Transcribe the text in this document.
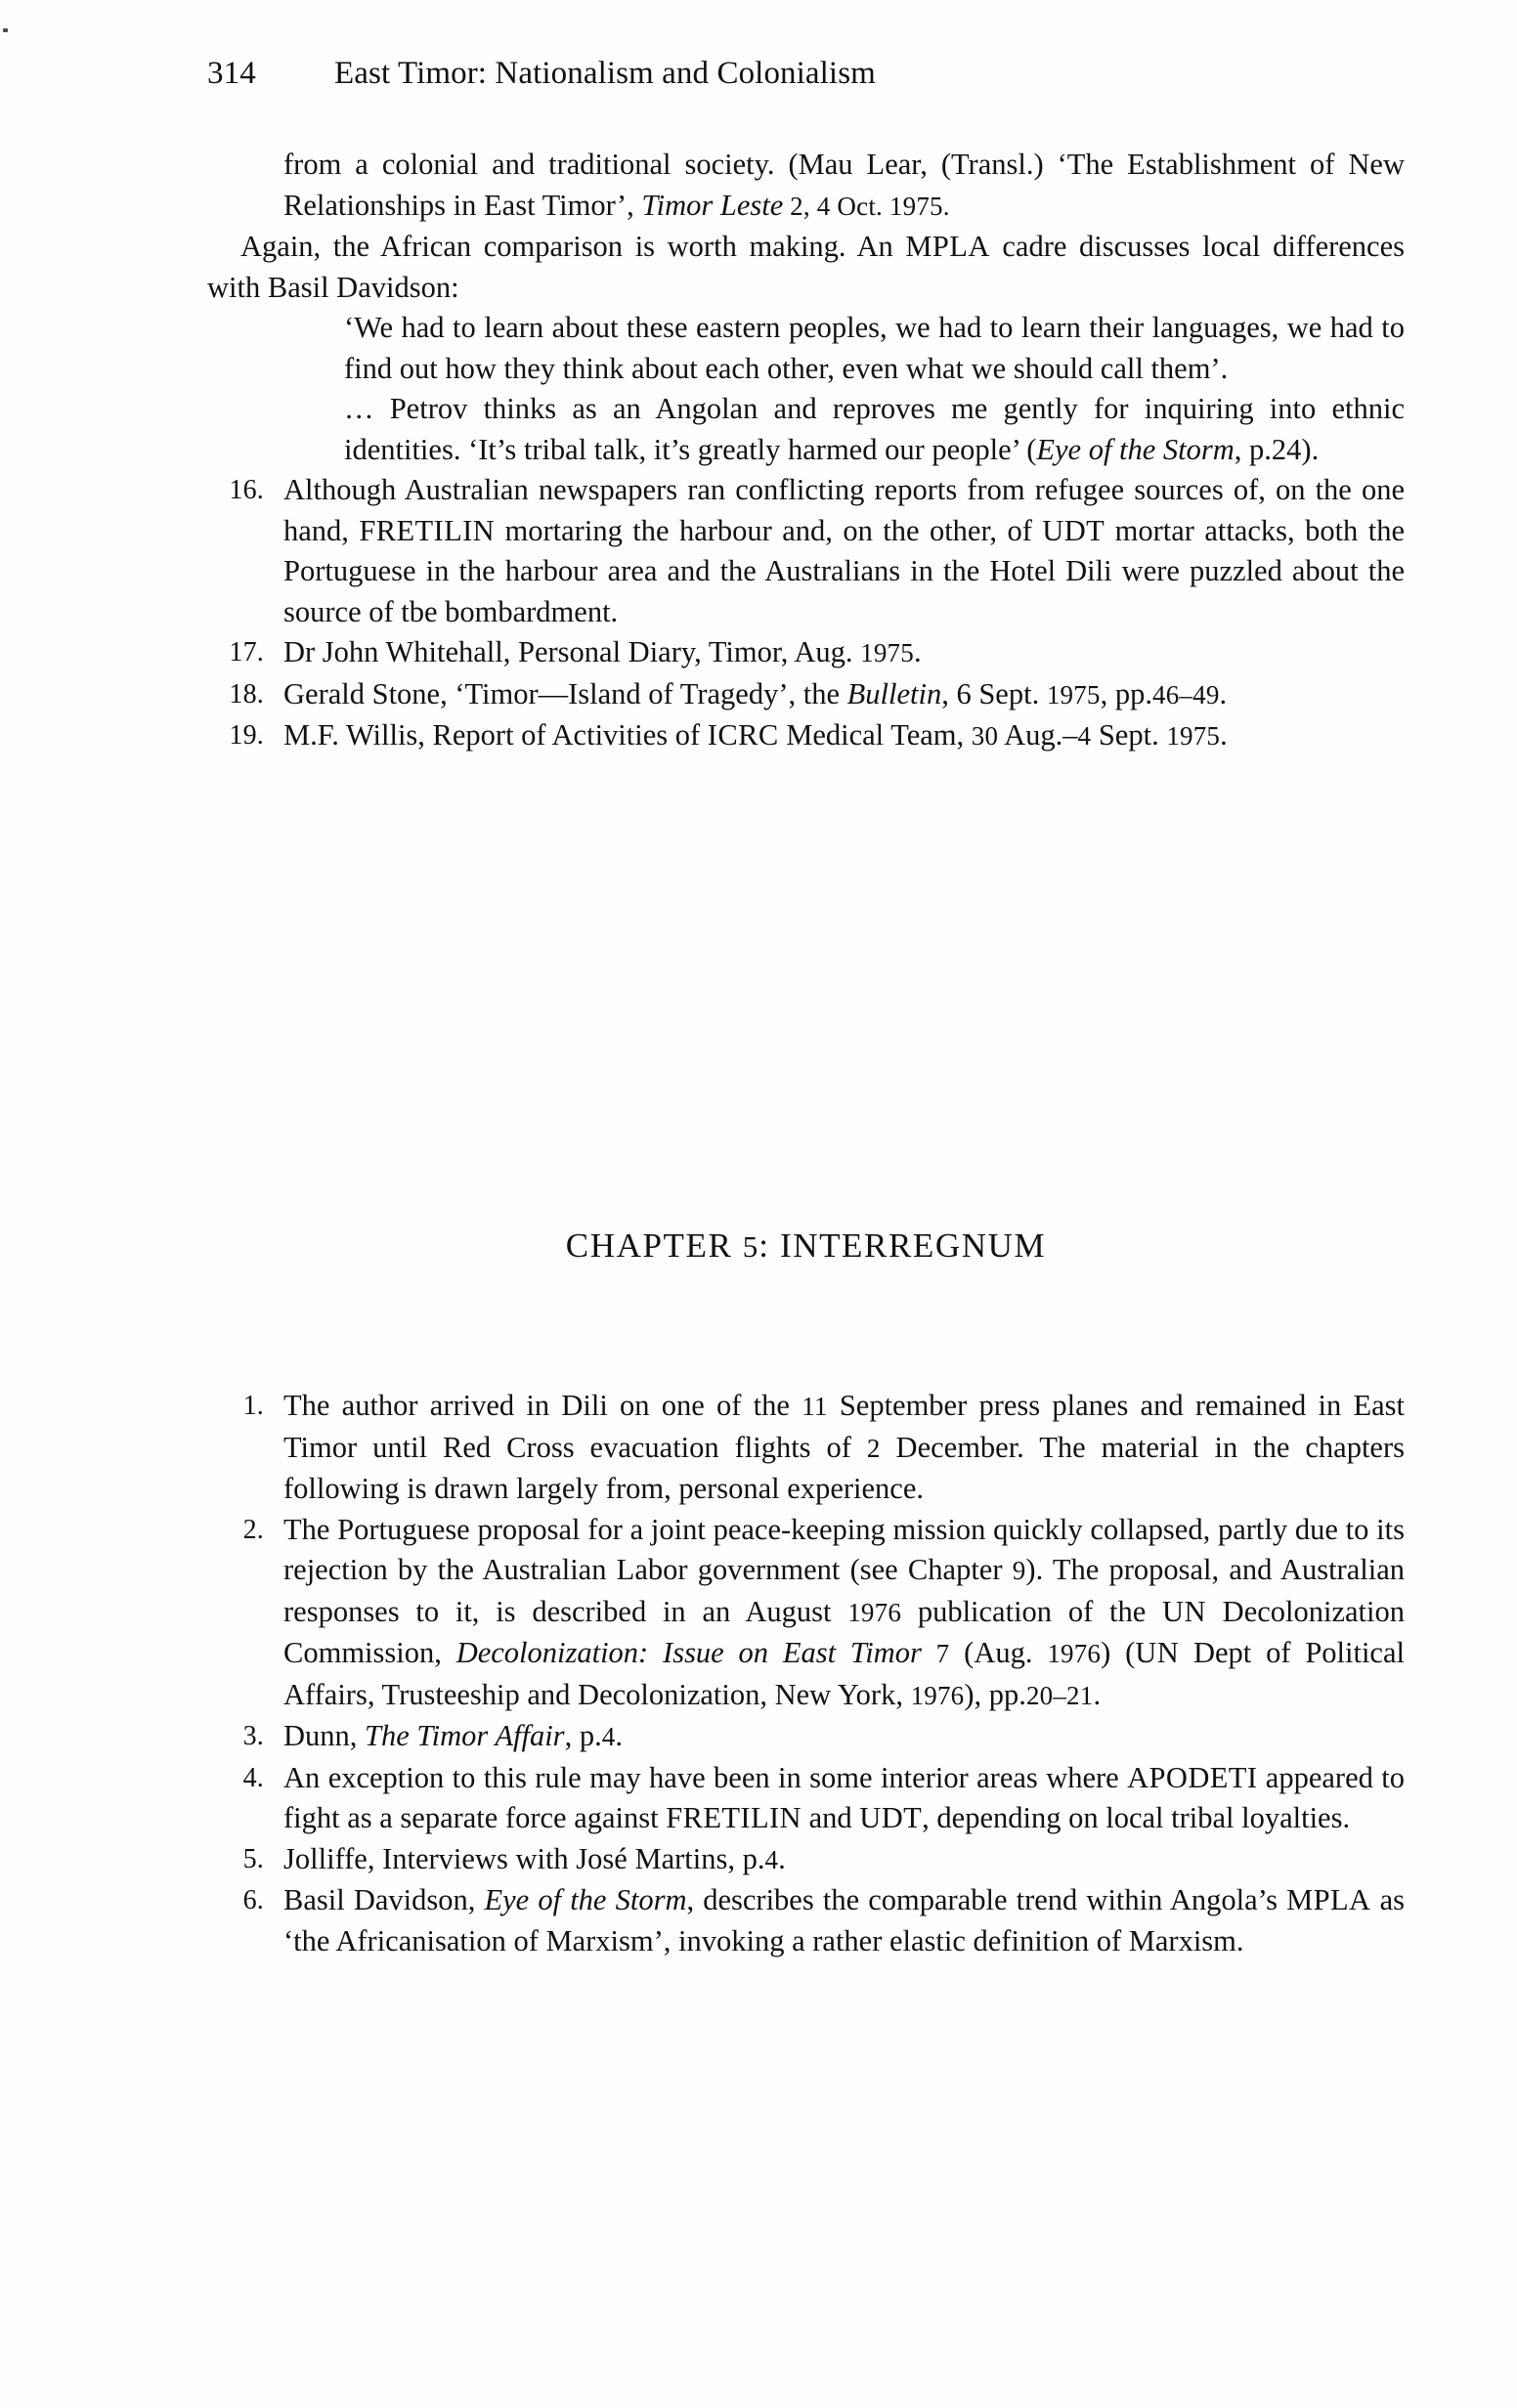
314	East Timor: Nationalism and Colonialism

from a colonial and traditional society. (Mau Lear, (Transl.) ‘The Establishment of New Relationships in East Timor’, Timor Leste 2, 4 Oct. 1975.

Again, the African comparison is worth making. An MPLA cadre discusses local differences with Basil Davidson:

‘We had to learn about these eastern peoples, we had to learn their languages, we had to find out how they think about each other, even what we should call them’.

… Petrov thinks as an Angolan and reproves me gently for inquiring into ethnic identities. ‘It’s tribal talk, it’s greatly harmed our people’ (Eye of the Storm, p.24).

16. Although Australian newspapers ran conflicting reports from refugee sources of, on the one hand, FRETILIN mortaring the harbour and, on the other, of UDT mortar attacks, both the Portuguese in the harbour area and the Australians in the Hotel Dili were puzzled about the source of tbe bombardment.

17. Dr John Whitehall, Personal Diary, Timor, Aug. 1975.

18. Gerald Stone, ‘Timor—Island of Tragedy’, the Bulletin, 6 Sept. 1975, pp.46–49.

19. M.F. Willis, Report of Activities of ICRC Medical Team, 30 Aug.–4 Sept. 1975.

CHAPTER 5: INTERREGNUM

1. The author arrived in Dili on one of the 11 September press planes and remained in East Timor until Red Cross evacuation flights of 2 December. The material in the chapters following is drawn largely from, personal experience.

2. The Portuguese proposal for a joint peace-keeping mission quickly collapsed, partly due to its rejection by the Australian Labor government (see Chapter 9). The proposal, and Australian responses to it, is described in an August 1976 publication of the UN Decolonization Commission, Decolonization: Issue on East Timor 7 (Aug. 1976) (UN Dept of Political Affairs, Trusteeship and Decolonization, New York, 1976), pp.20–21.

3. Dunn, The Timor Affair, p.4.

4. An exception to this rule may have been in some interior areas where APODETI appeared to fight as a separate force against FRETILIN and UDT, depending on local tribal loyalties.

5. Jolliffe, Interviews with José Martins, p.4.

6. Basil Davidson, Eye of the Storm, describes the comparable trend within Angola’s MPLA as ‘the Africanisation of Marxism’, invoking a rather elastic definition of Marxism.
